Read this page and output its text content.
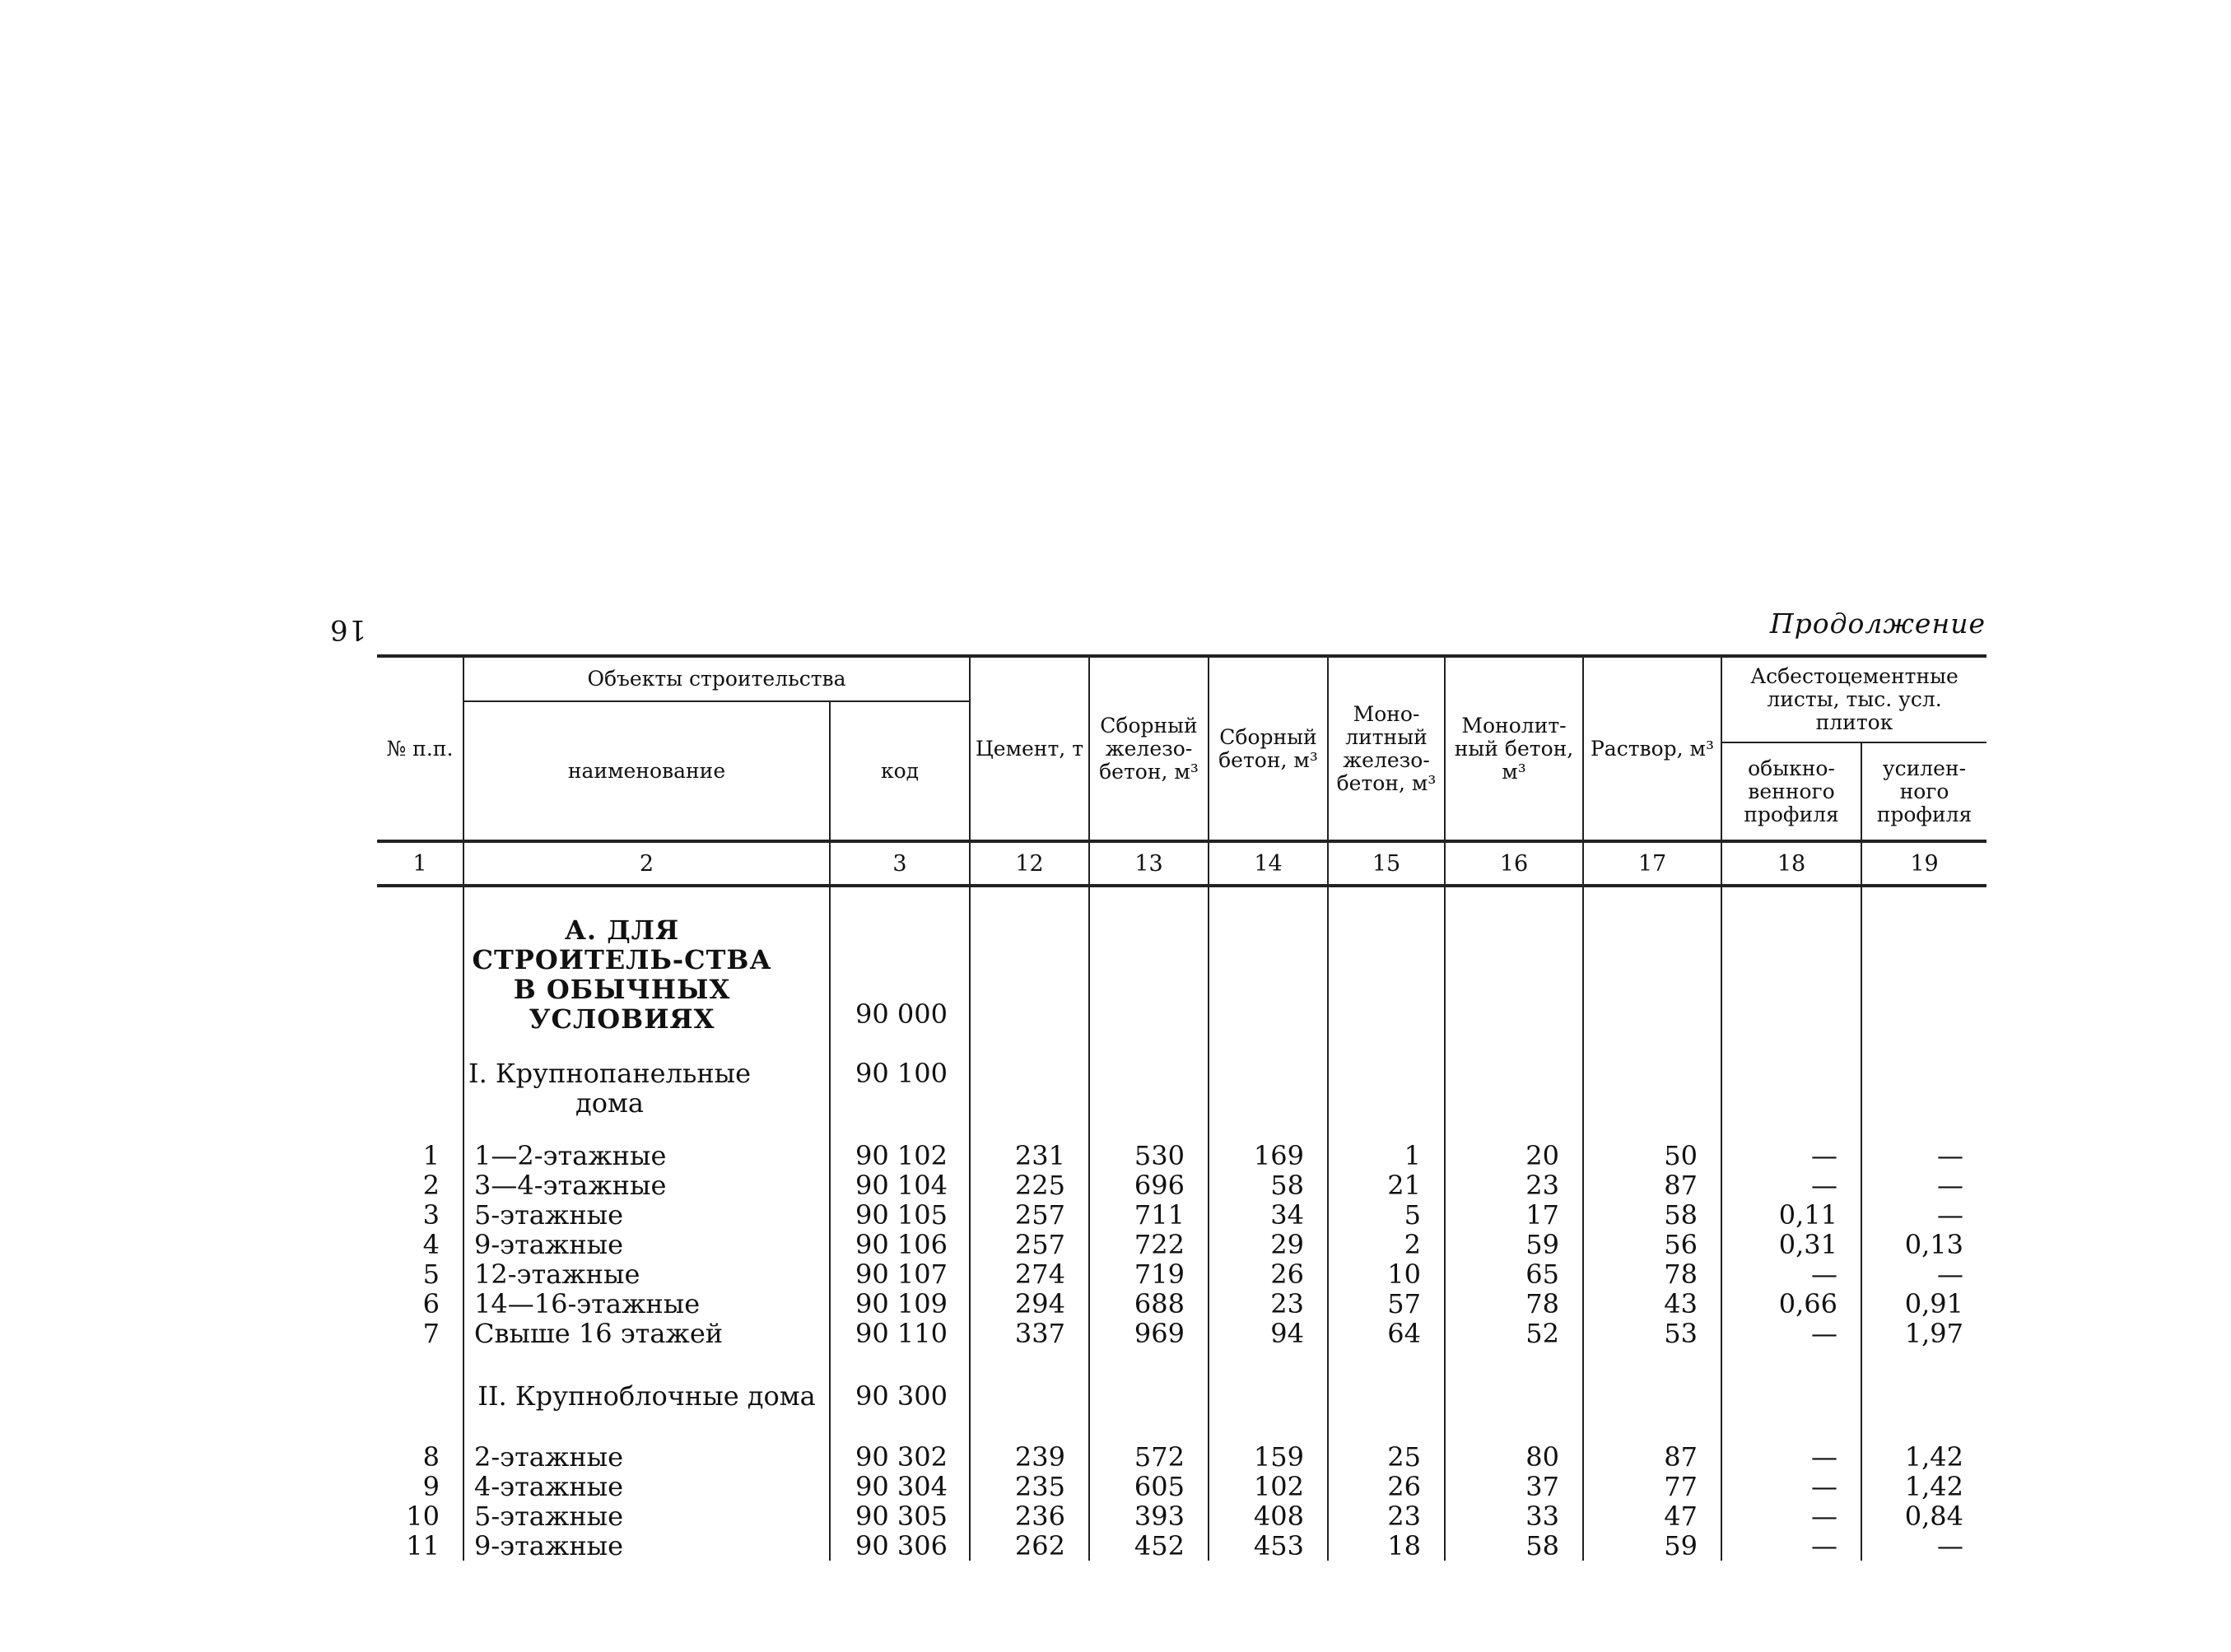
16	Продолжение
№ п.п.	Объекты строительства		Цемент, т	Сборный железо-бетон, м³	Сборный бетон, м³	Моно-литный железо-бетон, м³	Монолит-ный бетон, м³	Раствор, м³	Асбестоцементные листы, тыс. усл. плиток	
	наименование	код								
									обыкно-венного профиля	усилен-ного профиля
1	2	3	12	13	14	15	16	17	18	19

	А. ДЛЯ СТРОИТЕЛЬ-СТВА В ОБЫЧНЫХ УСЛОВИЯХ	90 000								

	I. Крупнопанельные дома	90 100								

1	1—2-этажные	90 102	231	530	169	1	20	50	—	—
2	3—4-этажные	90 104	225	696	58	21	23	87	—	—
3	5-этажные	90 105	257	711	34	5	17	58	0,11	—
4	9-этажные	90 106	257	722	29	2	59	56	0,31	0,13
5	12-этажные	90 107	274	719	26	10	65	78	—	—
6	14—16-этажные	90 109	294	688	23	57	78	43	0,66	0,91
7	Свыше 16 этажей	90 110	337	969	94	64	52	53	—	1,97

	II. Крупноблочные дома	90 300								

8	2-этажные	90 302	239	572	159	25	80	87	—	1,42
9	4-этажные	90 304	235	605	102	26	37	77	—	1,42
10	5-этажные	90 305	236	393	408	23	33	47	—	0,84
11	9-этажные	90 306	262	452	453	18	58	59	—	—
